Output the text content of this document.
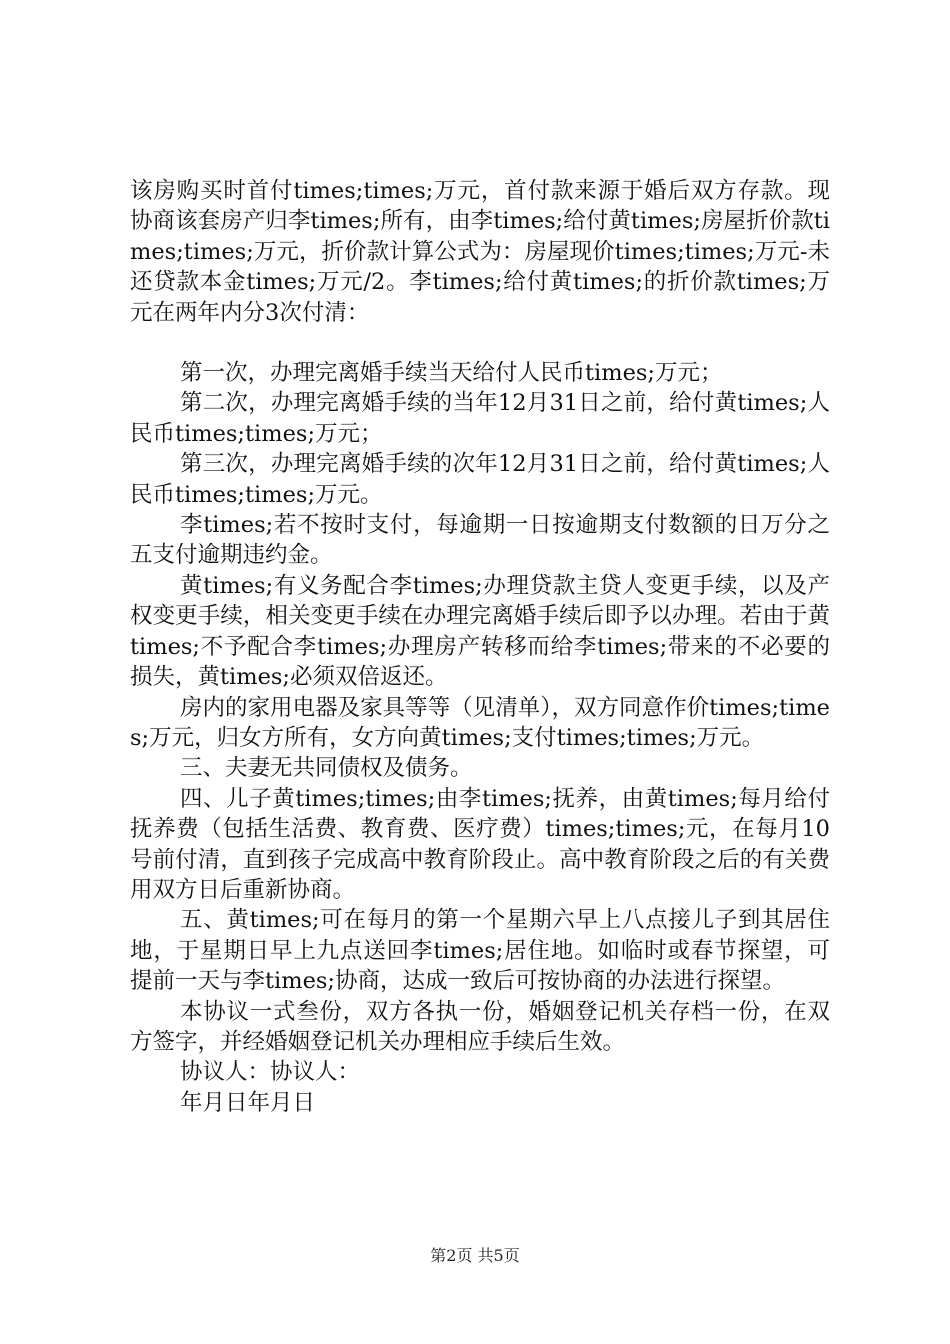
该房购买时首付times;times;万元，首付款来源于婚后双方存款。现协商该套房产归李times;所有，由李times;给付黄times;房屋折价款times;times;万元，折价款计算公式为：房屋现价times;times;万元-未还贷款本金times;万元/2。李times;给付黄times;的折价款times;万元在两年内分3次付清：

第一次，办理完离婚手续当天给付人民币times;万元；

第二次，办理完离婚手续的当年12月31日之前，给付黄times;人民币times;times;万元；

第三次，办理完离婚手续的次年12月31日之前，给付黄times;人民币times;times;万元。

李times;若不按时支付，每逾期一日按逾期支付数额的日万分之五支付逾期违约金。

黄times;有义务配合李times;办理贷款主贷人变更手续，以及产权变更手续，相关变更手续在办理完离婚手续后即予以办理。若由于黄times;不予配合李times;办理房产转移而给李times;带来的不必要的损失，黄times;必须双倍返还。

房内的家用电器及家具等等（见清单），双方同意作价times;times;万元，归女方所有，女方向黄times;支付times;times;万元。

三、夫妻无共同债权及债务。

四、儿子黄times;times;由李times;抚养，由黄times;每月给付抚养费（包括生活费、教育费、医疗费）times;times;元，在每月10号前付清，直到孩子完成高中教育阶段止。高中教育阶段之后的有关费用双方日后重新协商。

五、黄times;可在每月的第一个星期六早上八点接儿子到其居住地，于星期日早上九点送回李times;居住地。如临时或春节探望，可提前一天与李times;协商，达成一致后可按协商的办法进行探望。

本协议一式叁份，双方各执一份，婚姻登记机关存档一份，在双方签字，并经婚姻登记机关办理相应手续后生效。

协议人：协议人：

年月日年月日

第2页 共5页
